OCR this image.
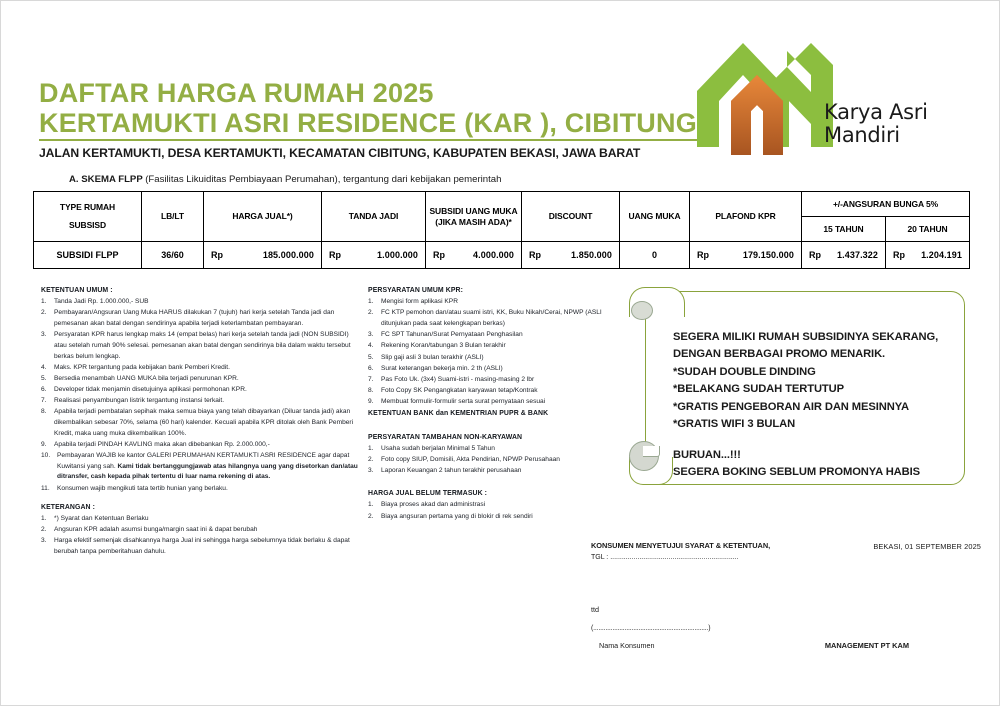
DAFTAR HARGA RUMAH 2025
KERTAMUKTI ASRI RESIDENCE (KAR ), CIBITUNG
JALAN KERTAMUKTI, DESA KERTAMUKTI, KECAMATAN CIBITUNG, KABUPATEN BEKASI, JAWA BARAT
Karya Asri
Mandiri
A. SKEMA FLPP (Fasilitas Likuiditas Pembiayaan Perumahan), tergantung dari kebijakan pemerintah
TYPE RUMAH
SUBSISD	LB/LT	HARGA JUAL*)	TANDA JADI	SUBSIDI UANG MUKA (JIKA MASIH ADA)*	DISCOUNT	UANG MUKA	PLAFOND KPR	+/-ANGSURAN BUNGA 5%	
								15 TAHUN	20 TAHUN
SUBSIDI FLPP	36/60	Rp 185.000.000	Rp 1.000.000	Rp 4.000.000	Rp 1.850.000	0	Rp 179.150.000	Rp 1.437.322	Rp 1.204.191
KETENTUAN UMUM :
1.	Tanda Jadi Rp. 1.000.000,- SUB
2.	Pembayaran/Angsuran Uang Muka HARUS dilakukan 7 (tujuh) hari kerja setelah Tanda jadi dan pemesanan akan batal dengan sendirinya apabila terjadi keterlambatan pembayaran.
3.	Persyaratan KPR harus lengkap maks 14 (empat belas) hari kerja setelah tanda jadi (NON SUBSIDI) atau setelah rumah 90% selesai. pemesanan akan batal dengan sendirinya bila dalam waktu tersebut berkas belum lengkap.
4.	Maks. KPR tergantung pada kebijakan bank Pemberi Kredit.
5.	Bersedia menambah UANG MUKA bila terjadi penurunan KPR.
6.	Developer tidak menjamin disetujuinya aplikasi permohonan KPR.
7.	Realisasi penyambungan listrik tergantung instansi terkait.
8.	Apabila terjadi pembatalan sepihak maka semua biaya yang telah dibayarkan (Diluar tanda jadi) akan dikembalikan sebesar 70%, selama (60 hari) kalender. Kecuali apabila KPR ditolak oleh Bank Pemberi Kredit, maka uang muka dikembalikan 100%.
9.	Apabila terjadi PINDAH KAVLING maka akan dibebankan Rp. 2.000.000,-
10.	Pembayaran WAJIB ke kantor GALERI PERUMAHAN KERTAMUKTI ASRI RESIDENCE agar dapat Kuwitansi yang sah. Kami tidak bertanggungjawab atas hilangnya uang yang disetorkan dan/atau ditransfer, cash kepada pihak tertentu di luar nama rekening di atas.
11.	Konsumen wajib mengikuti tata tertib hunian yang berlaku.
KETERANGAN :
1.	*) Syarat dan Ketentuan Berlaku
2.	Angsuran KPR adalah asumsi bunga/margin saat ini & dapat berubah
3.	Harga efektif semenjak disahkannya harga Jual ini sehingga harga sebelumnya tidak berlaku & dapat berubah tanpa pemberitahuan dahulu.
PERSYARATAN UMUM KPR:
1.	Mengisi form aplikasi KPR
2.	FC KTP pemohon dan/atau suami istri, KK, Buku Nikah/Cerai, NPWP (ASLI ditunjukan pada saat kelengkapan berkas)
3.	FC SPT Tahunan/Surat Pernyataan Penghasilan
4.	Rekening Koran/tabungan 3 Bulan terakhir
5.	Slip gaji asli 3 bulan terakhir (ASLI)
6.	Surat keterangan bekerja min. 2 th (ASLI)
7.	Pas Foto Uk. (3x4) Suami-istri - masing-masing 2 lbr
8.	Foto Copy SK Pengangkatan karyawan tetap/Kontrak
9.	Membuat formulir-formulir serta surat pernyataan sesuai
KETENTUAN BANK dan KEMENTRIAN PUPR & BANK
PERSYARATAN TAMBAHAN NON-KARYAWAN
1.	Usaha sudah berjalan Minimal 5 Tahun
2.	Foto copy SIUP, Domisili, Akta Pendirian, NPWP Perusahaan
3.	Laporan Keuangan 2 tahun terakhir perusahaan
HARGA JUAL BELUM TERMASUK :
1.	Biaya proses akad dan administrasi
2.	Biaya angsuran pertama yang di blokir di rek sendiri
SEGERA MILIKI RUMAH SUBSIDINYA SEKARANG,
DENGAN BERBAGAI PROMO MENARIK.
*SUDAH DOUBLE DINDING
*BELAKANG SUDAH TERTUTUP
*GRATIS PENGEBORAN AIR DAN MESINNYA
*GRATIS WIFI 3 BULAN
BURUAN...!!!
SEGERA BOKING SEBLUM PROMONYA HABIS
KONSUMEN MENYETUJUI SYARAT & KETENTUAN,
TGL : ..................................................................
BEKASI, 01 SEPTEMBER 2025
ttd
(..................................................................)
Nama Konsumen	MANAGEMENT PT KAM
